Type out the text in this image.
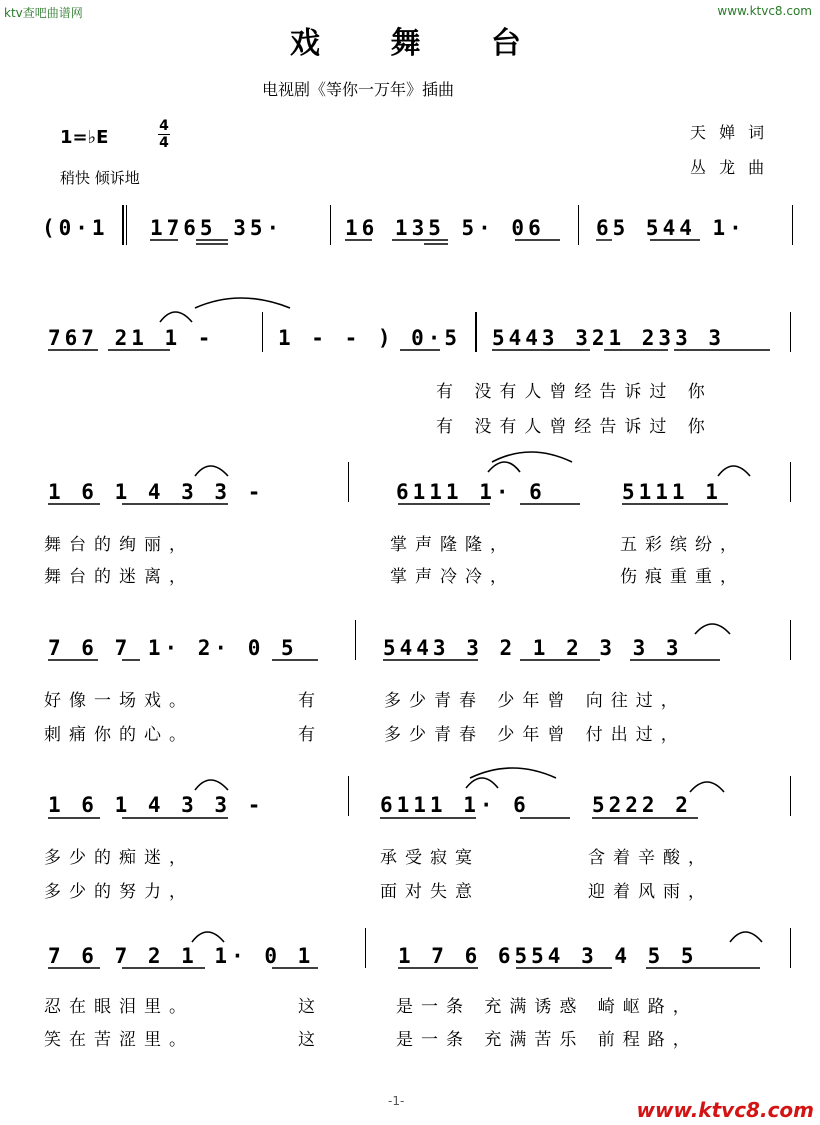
ktv查吧曲谱网	www.ktvc8.com
戏 舞 台
电视剧《等你一万年》插曲
1=♭E
4
4
稍快 倾诉地
天 婵 词
丛 龙 曲
(0·1 1765 35·	16 135 5· 06 65 544 1·
767 21 1 -	1 - - ) 0·5 5443 321 233 3
有 没有人曾经告诉过 你
有 没有人曾经告诉过 你
1 6 1 4 3 3 -	6111 1· 6	5111 1
舞台的绚丽，	掌声隆隆，	五彩缤纷，
舞台的迷离，	掌声冷冷，	伤痕重重，
7 6 7 1· 2· 0 5	5443 3 2 1 2 3 3 3
好像一场戏。	有	多少青春 少年曾 向往过，
刺痛你的心。	有	多少青春 少年曾 付出过，
1 6 1 4 3 3 -	6111 1· 6	5222 2
多少的痴迷，	承受寂寞	含着辛酸，
多少的努力，	面对失意	迎着风雨，
7 6 7 2 1 1· 0 1	1 7 6 6554 3 4 5 5
忍在眼泪里。	这	是一条 充满诱惑 崎岖路，
笑在苦涩里。	这	是一条 充满苦乐 前程路，
-1-	www.ktvc8.com
